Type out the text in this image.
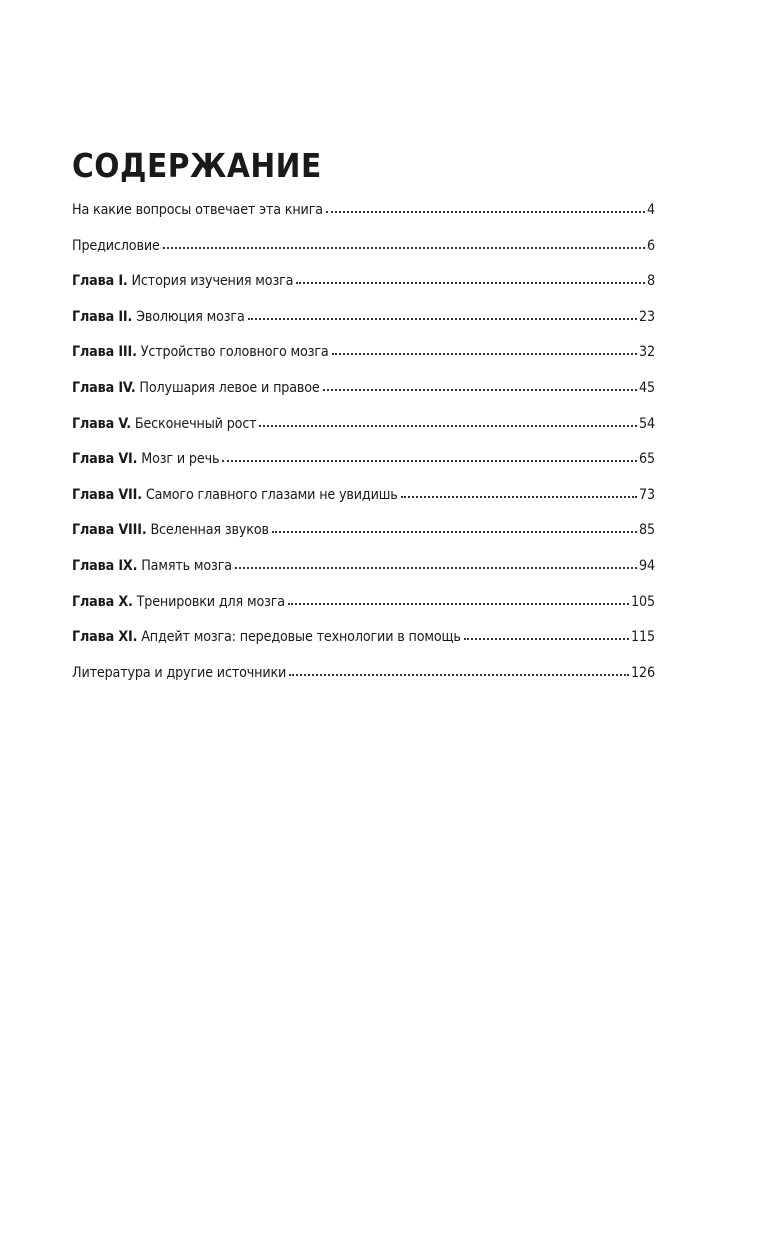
СОДЕРЖАНИЕ
На какие вопросы отвечает эта книга	4
Предисловие	6
Глава I. История изучения мозга	8
Глава II. Эволюция мозга	23
Глава III. Устройство головного мозга	32
Глава IV. Полушария левое и правое	45
Глава V. Бесконечный рост	54
Глава VI. Мозг и речь	65
Глава VII. Самого главного глазами не увидишь	73
Глава VIII. Вселенная звуков	85
Глава IX. Память мозга	94
Глава X. Тренировки для мозга	105
Глава XI. Апдейт мозга: передовые технологии в помощь	115
Литература и другие источники	126
